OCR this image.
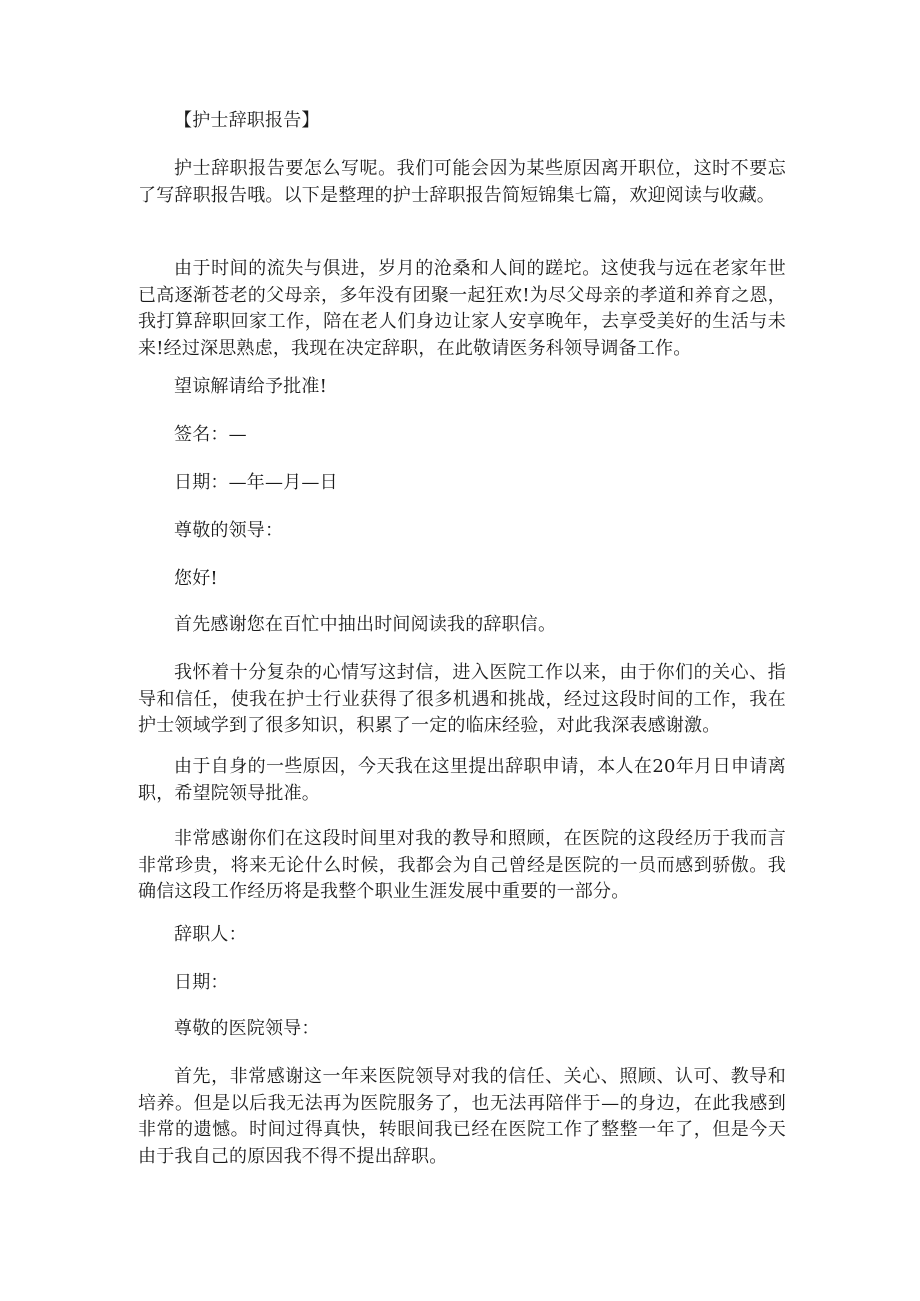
【护士辞职报告】

护士辞职报告要怎么写呢。我们可能会因为某些原因离开职位，这时不要忘了写辞职报告哦。以下是整理的护士辞职报告简短锦集七篇，欢迎阅读与收藏。

由于时间的流失与俱进，岁月的沧桑和人间的蹉坨。这使我与远在老家年世已高逐渐苍老的父母亲，多年没有团聚一起狂欢!为尽父母亲的孝道和养育之恩，我打算辞职回家工作，陪在老人们身边让家人安享晚年，去享受美好的生活与未来!经过深思熟虑，我现在决定辞职，在此敬请医务科领导调备工作。

望谅解请给予批准!

签名：—

日期：—年—月—日

尊敬的领导：

您好!

首先感谢您在百忙中抽出时间阅读我的辞职信。

我怀着十分复杂的心情写这封信，进入医院工作以来，由于你们的关心、指导和信任，使我在护士行业获得了很多机遇和挑战，经过这段时间的工作，我在护士领域学到了很多知识，积累了一定的临床经验，对此我深表感谢激。

由于自身的一些原因，今天我在这里提出辞职申请，本人在20年月日申请离职，希望院领导批准。

非常感谢你们在这段时间里对我的教导和照顾，在医院的这段经历于我而言非常珍贵，将来无论什么时候，我都会为自己曾经是医院的一员而感到骄傲。我确信这段工作经历将是我整个职业生涯发展中重要的一部分。

辞职人：

日期：

尊敬的医院领导：

首先，非常感谢这一年来医院领导对我的信任、关心、照顾、认可、教导和培养。但是以后我无法再为医院服务了，也无法再陪伴于—的身边，在此我感到非常的遗憾。时间过得真快，转眼间我已经在医院工作了整整一年了，但是今天由于我自己的原因我不得不提出辞职。
